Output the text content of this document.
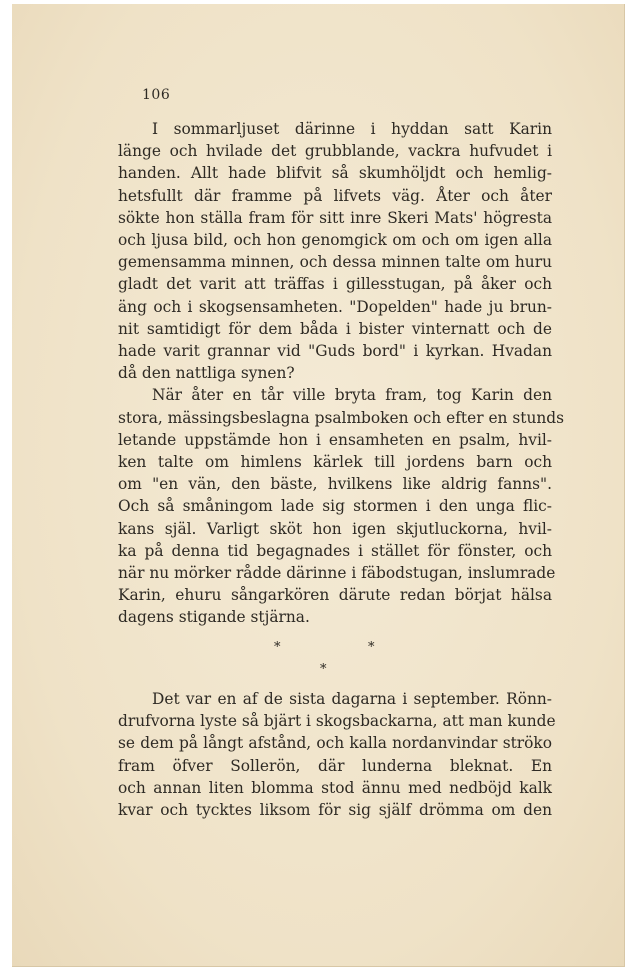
106
I sommarljuset därinne i hyddan satt Karin
länge och hvilade det grubblande, vackra hufvudet i
handen. Allt hade blifvit så skumhöljdt och hemlig-
hetsfullt där framme på lifvets väg. Åter och åter
sökte hon ställa fram för sitt inre Skeri Mats' högresta
och ljusa bild, och hon genomgick om och om igen alla
gemensamma minnen, och dessa minnen talte om huru
gladt det varit att träffas i gillesstugan, på åker och
äng och i skogsensamheten. "Dopelden" hade ju brun-
nit samtidigt för dem båda i bister vinternatt och de
hade varit grannar vid "Guds bord" i kyrkan. Hvadan
då den nattliga synen?
När åter en tår ville bryta fram, tog Karin den
stora, mässingsbeslagna psalmboken och efter en stunds
letande uppstämde hon i ensamheten en psalm, hvil-
ken talte om himlens kärlek till jordens barn och
om "en vän, den bäste, hvilkens like aldrig fanns".
Och så småningom lade sig stormen i den unga flic-
kans själ. Varligt sköt hon igen skjutluckorna, hvil-
ka på denna tid begagnades i stället för fönster, och
när nu mörker rådde därinne i fäbodstugan, inslumrade
Karin, ehuru sångarkören därute redan börjat hälsa
dagens stigande stjärna.
*	*
*
Det var en af de sista dagarna i september. Rönn-
drufvorna lyste så bjärt i skogsbackarna, att man kunde
se dem på långt afstånd, och kalla nordanvindar ströko
fram öfver Sollerön, där lunderna bleknat. En
och annan liten blomma stod ännu med nedböjd kalk
kvar och tycktes liksom för sig själf drömma om den
